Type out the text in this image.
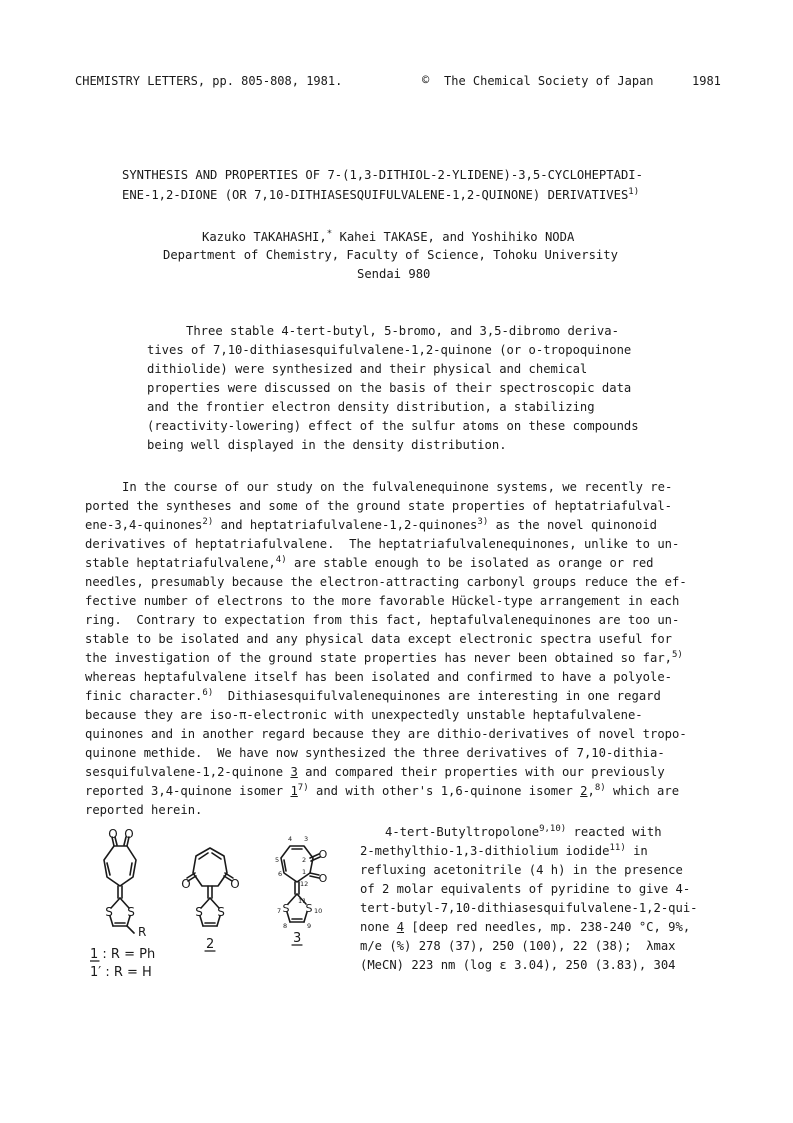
CHEMISTRY LETTERS, pp. 805-808, 1981.	© The Chemical Society of Japan	1981
SYNTHESIS AND PROPERTIES OF 7-(1,3-DITHIOL-2-YLIDENE)-3,5-CYCLOHEPTADI-
ENE-1,2-DIONE (OR 7,10-DITHIASESQUIFULVALENE-1,2-QUINONE) DERIVATIVES$^{1)}$
Kazuko TAKAHASHI,* Kahei TAKASE, and Yoshihiko NODA
Department of Chemistry, Faculty of Science, Tohoku University
Sendai 980
Three stable 4-tert-butyl, 5-bromo, and 3,5-dibromo deriva-
tives of 7,10-dithiasesquifulvalene-1,2-quinone (or o-tropoquinone
dithiolide) were synthesized and their physical and chemical
properties were discussed on the basis of their spectroscopic data
and the frontier electron density distribution, a stabilizing
(reactivity-lowering) effect of the sulfur atoms on these compounds
being well displayed in the density distribution.
In the course of our study on the fulvalenequinone systems, we recently re-
ported the syntheses and some of the ground state properties of heptatriafulval-
ene-3,4-quinones$^{2)}$ and heptatriafulvalene-1,2-quinones$^{3)}$ as the novel quinonoid
derivatives of heptatriafulvalene.  The heptatriafulvalenequinones, unlike to un-
stable heptatriafulvalene,$^{4)}$ are stable enough to be isolated as orange or red
needles, presumably because the electron-attracting carbonyl groups reduce the ef-
fective number of electrons to the more favorable Hückel-type arrangement in each
ring.  Contrary to expectation from this fact, heptafulvalenequinones are too un-
stable to be isolated and any physical data except electronic spectra useful for
the investigation of the ground state properties has never been obtained so far,$^{5)}$
whereas heptafulvalene itself has been isolated and confirmed to have a polyole-
finic character.$^{6)}$  Dithiasesquifulvalenequinones are interesting in one regard
because they are iso-π-electronic with unexpectedly unstable heptafulvalene-
quinones and in another regard because they are dithio-derivatives of novel tropo-
quinone methide.  We have now synthesized the three derivatives of 7,10-dithia-
sesquifulvalene-1,2-quinone 3 and compared their properties with our previously
reported 3,4-quinone isomer 1$^{7)}$ and with other's 1,6-quinone isomer 2,$^{8)}$ which are
reported herein.
4-tert-Butyltropolone$^{9,10)}$ reacted with
2-methylthio-1,3-dithiolium iodide$^{11)}$ in
refluxing acetonitrile (4 h) in the presence
of 2 molar equivalents of pyridine to give 4-
tert-butyl-7,10-dithiasesquifulvalene-1,2-qui-
none 4 [deep red needles, mp. 238-240 °C, 9%,
m/e (%) 278 (37), 250 (100), 22 (38);  λmax
(MeCN) 223 nm (log ε 3.04), 250 (3.83), 304
O O
S S
R
1 : R = Ph
1′ : R = H
O	O
S S
2
O
O
S S
4 3
5	2
6	1
12
11
7	10
8	9
3
